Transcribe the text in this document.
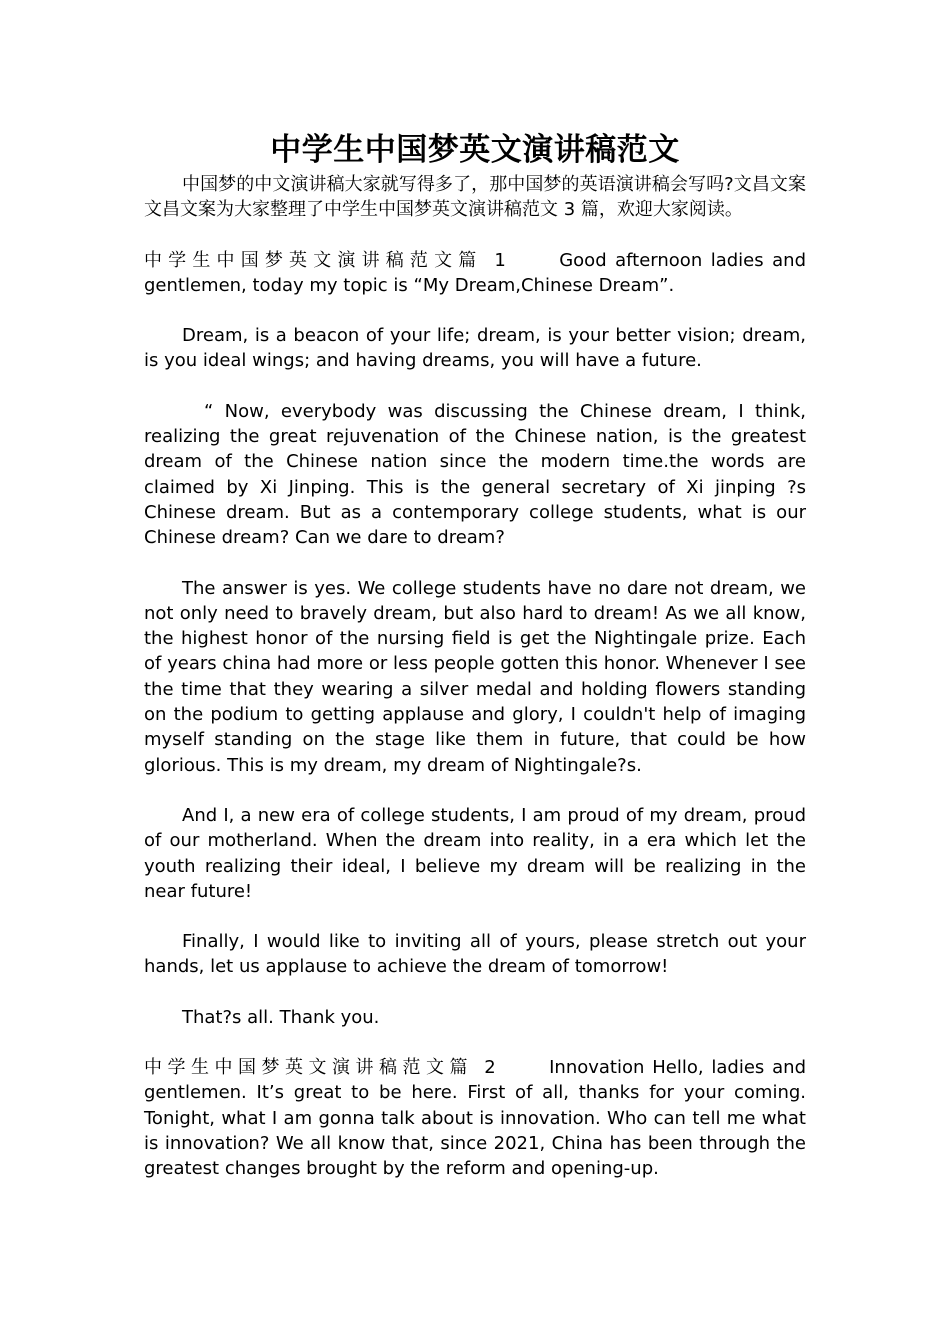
中学生中国梦英文演讲稿范文

中国梦的中文演讲稿大家就写得多了，那中国梦的英语演讲稿会写吗?文昌文案文昌文案为大家整理了中学生中国梦英文演讲稿范文 3 篇，欢迎大家阅读。

中学生中国梦英文演讲稿范文篇 1	Good afternoon ladies and gentlemen, today my topic is “My Dream,Chinese Dream”.

Dream, is a beacon of your life; dream, is your better vision; dream, is you ideal wings; and having dreams, you will have a future.

“ Now, everybody was discussing the Chinese dream, I think, realizing the great rejuvenation of the Chinese nation, is the greatest dream of the Chinese nation since the modern time.the words are claimed by Xi Jinping. This is the general secretary of Xi jinping ?s Chinese dream. But as a contemporary college students, what is our Chinese dream? Can we dare to dream?

The answer is yes. We college students have no dare not dream, we not only need to bravely dream, but also hard to dream! As we all know, the highest honor of the nursing field is get the Nightingale prize. Each of years china had more or less people gotten this honor. Whenever I see the time that they wearing a silver medal and holding flowers standing on the podium to getting applause and glory, I couldn't help of imaging myself standing on the stage like them in future, that could be how glorious. This is my dream, my dream of Nightingale?s.

And I, a new era of college students, I am proud of my dream, proud of our motherland. When the dream into reality, in a era which let the youth realizing their ideal, I believe my dream will be realizing in the near future!

Finally, I would like to inviting all of yours, please stretch out your hands, let us applause to achieve the dream of tomorrow!

That?s all. Thank you.

中学生中国梦英文演讲稿范文篇 2	Innovation Hello, ladies and gentlemen. It’s great to be here. First of all, thanks for your coming. Tonight, what I am gonna talk about is innovation. Who can tell me what is innovation? We all know that, since 2021, China has been through the greatest changes brought by the reform and opening-up.
